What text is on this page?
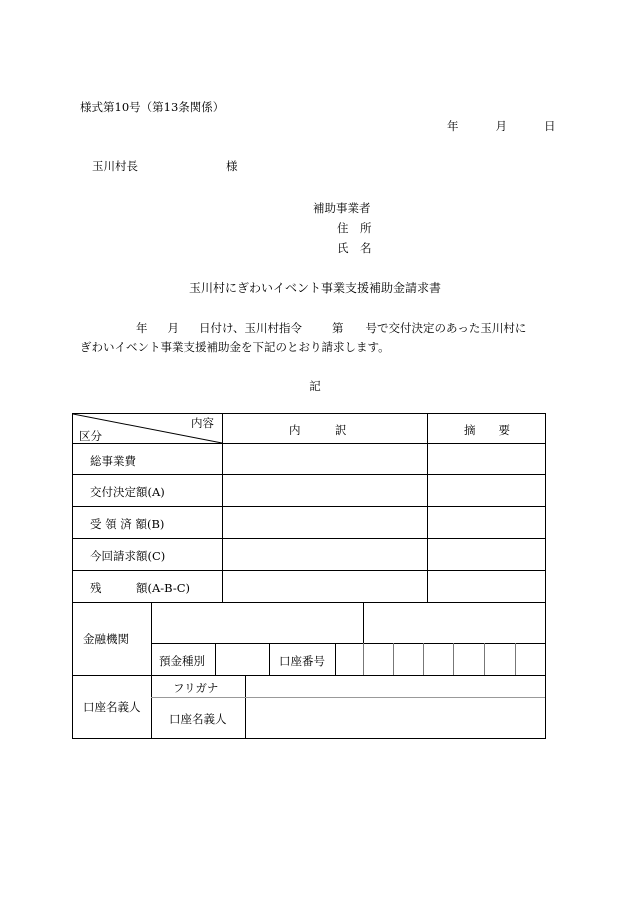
様式第10号（第13条関係）
年	月	日
玉川村長	様
補助事業者
住　所
氏　名
玉川村にぎわいイベント事業支援補助金請求書
年 月 日付け、玉川村指令	第 号で交付決定のあった玉川村に
ぎわいイベント事業支援補助金を下記のとおり請求します。
記
内容
区分	内　　　訳	摘　　要
総事業費
交付決定額(A)
受 領 済 額(B)
今回請求額(C)
残　　　額(A-B-C)
金融機関
預金種別	口座番号
口座名義人
フリガナ
口座名義人
